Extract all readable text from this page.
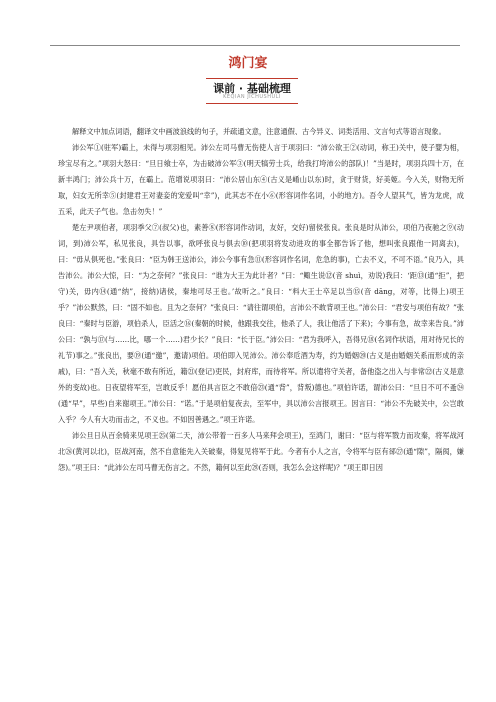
鸿门宴
课前 · 基础梳理
KEQIAN JICHUSHULI

解释文中加点词语，翻译文中画波浪线的句子，并疏通文意，注意通假、古今异义、词类活用、文言句式等语言现象。

沛公军①(驻军)霸上，未得与项羽相见。沛公左司马曹无伤使人言于项羽曰：“沛公欲王②(动词，称王)关中，使子婴为相，珍宝尽有之。”项羽大怒曰：“旦日飨士卒，为击破沛公军③(明天犒劳士兵，给我打垮沛公的部队)！”当是时，项羽兵四十万，在新丰鸿门；沛公兵十万，在霸上。范增说项羽曰：“沛公居山东④(古义是崤山以东)时，贪于财货，好美姬。今入关，财物无所取，妇女无所幸⑤(封建君王对妻妾的宠爱叫“幸”)，此其志不在小⑥(形容词作名词，小的地方)。吾令人望其气，皆为龙虎，成五采，此天子气也。急击勿失！”

楚左尹项伯者，项羽季父⑦(叔父)也，素善⑧(形容词作动词，友好，交好)留侯张良。张良是时从沛公，项伯乃夜驰之⑨(动词，到)沛公军，私见张良，具告以事，欲呼张良与俱去⑩(把项羽将发动进攻的事全都告诉了他，想叫张良跟他一同离去)，曰：“毋从俱死也。”张良曰：“臣为韩王送沛公，沛公今事有急⑪(形容词作名词，危急的事)，亡去不义，不可不语。”良乃入，具告沛公。沛公大惊，曰：“为之奈何？”张良曰：“谁为大王为此计者？”曰：“鲰生说⑫(音 shuì，劝说)我曰：‘距⑬(通“拒”，把守)关，毋内⑭(通“纳”，接纳)诸侯，秦地可尽王也。’故听之。”良曰：“料大王士卒足以当⑮(音 dāng，对等，比得上)项王乎？”沛公默然，曰：“固不如也。且为之奈何？”张良曰：“请往谓项伯，言沛公不敢背项王也。”沛公曰：“君安与项伯有故？”张良曰：“秦时与臣游，项伯杀人，臣活之⑯(秦朝的时候，他跟我交往，他杀了人，我让他活了下来)；今事有急，故幸来告良。”沛公曰：“孰与⑰(与……比，哪一个……)君少长？”良曰：“长于臣。”沛公曰：“君为我呼入，吾得兄⑱(名词作状语，用对待兄长的礼节)事之。”张良出，要⑲(通“邀”，邀请)项伯。项伯即入见沛公。沛公奉卮酒为寿，约为婚姻⑳(古义是由婚姻关系而形成的亲戚)，曰：“吾入关，秋毫不敢有所近，籍㉑(登记)吏民，封府库，而待将军。所以遣将守关者，备他盗之出入与非常㉒(古义是意外的变故)也。日夜望将军至，岂敢反乎！愿伯具言臣之不敢倍㉓(通“背”，背叛)德也。”项伯许诺，谓沛公曰：“旦日不可不蚤㉔(通“早”，早些)自来谢项王。”沛公曰：“诺。”于是项伯复夜去，至军中，具以沛公言报项王。因言曰：“沛公不先破关中，公岂敢入乎？今人有大功而击之，不义也。不如因善遇之。”项王许诺。

沛公旦日从百余骑来见项王㉕(第二天，沛公带着一百多人马来拜会项王)，至鸿门，谢曰：“臣与将军戮力而攻秦，将军战河北㉖(黄河以北)，臣战河南，然不自意能先入关破秦，得复见将军于此。今者有小人之言，令将军与臣有郤㉗(通“隙”，隔阂，嫌怨)。”项王曰：“此沛公左司马曹无伤言之。不然，籍何以至此㉘(否则，我怎么会这样呢)？”项王即日因
